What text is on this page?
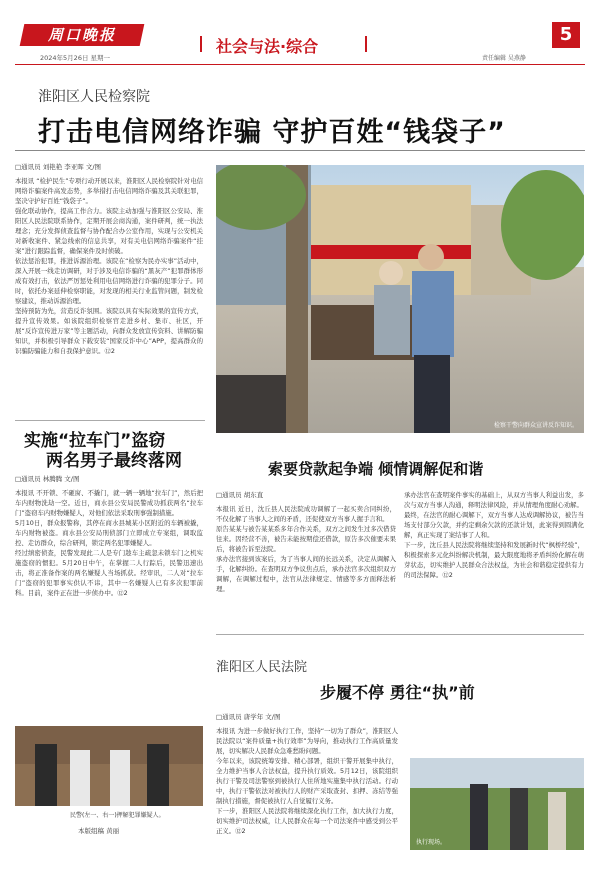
周口晚报
社会与法·综合
2024年5月26日 星期一	责任编辑 吴燕静
5
淮阳区人民检察院
打击电信网络诈骗 守护百姓“钱袋子”
□通讯员 刘艳艳 李亚晖 文/图
本报讯 “检护民生”专项行动开展以来，淮阳区人民检察院针对电信网络诈骗案件高发态势，多举措打击电信网络诈骗及其关联犯罪，坚决守护好百姓“钱袋子”。
强化联动协作，提高工作合力。该院主动加强与淮阳区公安局、淮阳区人民法院联系协作，定期开展会商沟通，案件研判，统一执法理念；充分发挥侦查监督与协作配合办公室作用，实现与公安机关对新收案件、紧急线索的信息共享，对有关电信网络诈骗案件“挂案”进行跟踪监督，确保案件及时侦破。
依法惩治犯罪，推进诉源治理。该院在“检察为民办实事”活动中，深入开展一线走访调研，对于涉及电信诈骗的“黑灰产”犯罪群体形成有效打击，依法严厉惩处利用电信网络进行诈骗的犯罪分子。同时，依托办案延伸检察职能，对发现的相关行业监管问题，制发检察建议，推动诉源治理。
坚持预防为先，营造反诈氛围。该院以具有实际效果的宣传方式，提升宣传效果。如该院组织检察官走进乡村、集市、社区，开展“反诈宣传进万家”等主题活动，向群众发放宣传资料、讲解防骗知识，并积极引导群众下载安装“国家反诈中心”APP，提高群众的识骗防骗能力和自我保护意识。⑫2
检察干警向群众宣讲反诈知识。
实施“拉车门”盗窃
两名男子最终落网
□通讯员 林腾腾 文/图
本报讯 不开锁、不砸窗、不撬门，就一辆一辆地“拉车门”，然后把车内财物洗劫一空。近日，商水县公安局民警成功抓获两名“拉车门”盗窃车内财物嫌疑人，对他们依法采取刑事强制措施。
5月10日，群众报警称，其停在商水县城某小区附近的车辆被撬，车内财物被盗。商水县公安局刑侦部门立即成立专案组，调取监控、走访群众，综合研判，锁定两名犯罪嫌疑人。
经过缜密侦查，民警发现此二人是专门趁车主疏忽未锁车门之机实施盗窃的惯犯。5月20日中午，在掌握二人行踪后，民警迅速出击，将正准备作案的两名嫌疑人当场抓获。经审讯，二人对“拉车门”盗窃的犯罪事实供认不讳，其中一名嫌疑人已有多次犯罪前科。目前，案件正在进一步侦办中。⑫2
民警(左一、右一)押解犯罪嫌疑人。
索要贷款起争端 倾情调解促和谐
□通讯员 胡东直
本报讯 近日，沈丘县人民法院成功调解了一起买卖合同纠纷，不仅化解了当事人之间的矛盾，还促使双方当事人握手言和。
原告某某与被告某某系多年合作关系，双方之间发生过多次借贷往来。因经营不善，被告未能按期偿还借款，原告多次催要未果后，将被告诉至法院。
承办法官接到该案后，为了当事人间的长远关系，决定从调解入手，化解纠纷。在查明双方争议焦点后，承办法官多次组织双方调解，在调解过程中，法官从法律规定、情感等多方面释法析理。
承办法官在查明案件事实的基础上，从双方当事人利益出发，多次与双方当事人沟通，释明法律风险，并从情理角度耐心劝解。
最终，在法官的耐心调解下，双方当事人达成调解协议，被告当场支付部分欠款，并约定剩余欠款的还款计划，此案得到圆满化解，真正实现了案结事了人和。
下一步，沈丘县人民法院将继续坚持和发展新时代“枫桥经验”，积极探索多元化纠纷解决机制，最大限度地将矛盾纠纷化解在萌芽状态，切实维护人民群众合法权益，为社会和谐稳定提供有力的司法保障。⑫2
淮阳区人民法院
步履不停 勇往“执”前
□通讯员 唐学年 文/图
本报讯 为进一步做好执行工作，坚持“一切为了群众”，淮阳区人民法院以“案件质量+执行效率”为导向，推动执行工作高质量发展，切实解决人民群众急难愁盼问题。
今年以来，该院统筹安排、精心部署，组织干警开展集中执行，全力维护当事人合法权益，提升执行质效。5月12日，该院组织执行干警及司法警察到被执行人住所地实施集中执行活动。行动中，执行干警依法对被执行人的财产采取查封、扣押、冻结等强制执行措施，督促被执行人自觉履行义务。
下一步，淮阳区人民法院将继续深化执行工作，加大执行力度，切实维护司法权威，让人民群众在每一个司法案件中感受到公平正义。⑫2
执行现场。
本版组稿 黄丽
